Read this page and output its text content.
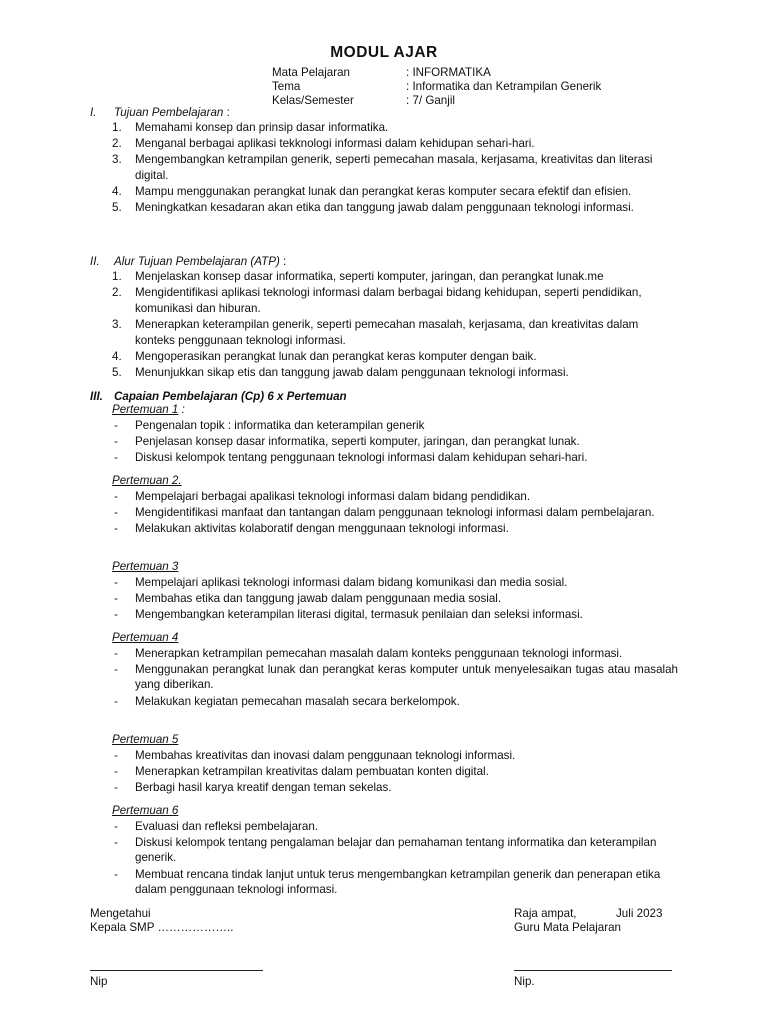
MODUL AJAR
Mata Pelajaran	: INFORMATIKA
Tema	: Informatika dan Ketrampilan Generik
Kelas/Semester	: 7/ Ganjil
I. Tujuan Pembelajaran :
1. Memahami konsep dan prinsip dasar informatika.
2. Menganal berbagai aplikasi tekknologi informasi dalam kehidupan sehari-hari.
3. Mengembangkan ketrampilan generik, seperti pemecahan masala, kerjasama, kreativitas dan literasi digital.
4. Mampu menggunakan perangkat lunak dan perangkat keras komputer secara efektif dan efisien.
5. Meningkatkan kesadaran akan etika dan tanggung jawab dalam penggunaan teknologi informasi.
II. Alur Tujuan Pembelajaran (ATP) :
1. Menjelaskan konsep dasar informatika, seperti komputer, jaringan, dan perangkat lunak.me
2. Mengidentifikasi aplikasi teknologi informasi dalam berbagai bidang kehidupan, seperti pendidikan, komunikasi dan hiburan.
3. Menerapkan keterampilan generik, seperti pemecahan masalah, kerjasama, dan kreativitas dalam konteks penggunaan teknologi informasi.
4. Mengoperasikan perangkat lunak dan perangkat keras komputer dengan baik.
5. Menunjukkan sikap etis dan tanggung jawab dalam penggunaan teknologi informasi.
III. Capaian Pembelajaran (Cp) 6 x Pertemuan
Pertemuan 1 :
- Pengenalan topik : informatika dan keterampilan generik
- Penjelasan konsep dasar informatika, seperti komputer, jaringan, dan perangkat lunak.
- Diskusi kelompok tentang penggunaan teknologi informasi dalam kehidupan sehari-hari.
Pertemuan 2.
- Mempelajari berbagai apalikasi teknologi informasi dalam bidang pendidikan.
- Mengidentifikasi manfaat dan tantangan dalam penggunaan teknologi informasi dalam pembelajaran.
- Melakukan aktivitas kolaboratif dengan menggunaan teknologi informasi.
Pertemuan 3
- Mempelajari aplikasi teknologi informasi dalam bidang komunikasi dan media sosial.
- Membahas etika dan tanggung jawab dalam penggunaan media sosial.
- Mengembangkan keterampilan literasi digital, termasuk penilaian dan seleksi informasi.
Pertemuan 4
- Menerapkan ketrampilan pemecahan masalah dalam konteks penggunaan teknologi informasi.
- Menggunakan perangkat lunak dan perangkat keras komputer untuk menyelesaikan tugas atau masalah yang diberikan.
- Melakukan kegiatan pemecahan masalah secara berkelompok.
Pertemuan 5
- Membahas kreativitas dan inovasi dalam penggunaan teknologi informasi.
- Menerapkan ketrampilan kreativitas dalam pembuatan konten digital.
- Berbagi hasil karya kreatif dengan teman sekelas.
Pertemuan 6
- Evaluasi dan refleksi pembelajaran.
- Diskusi kelompok tentang pengalaman belajar dan pemahaman tentang informatika dan keterampilan generik.
- Membuat rencana tindak lanjut untuk terus mengembangkan ketrampilan generik dan penerapan etika dalam penggunaan teknologi informasi.
Mengetahui
Kepala SMP ………………..
Nip
Raja ampat,	Juli 2023
Guru Mata Pelajaran
Nip.
